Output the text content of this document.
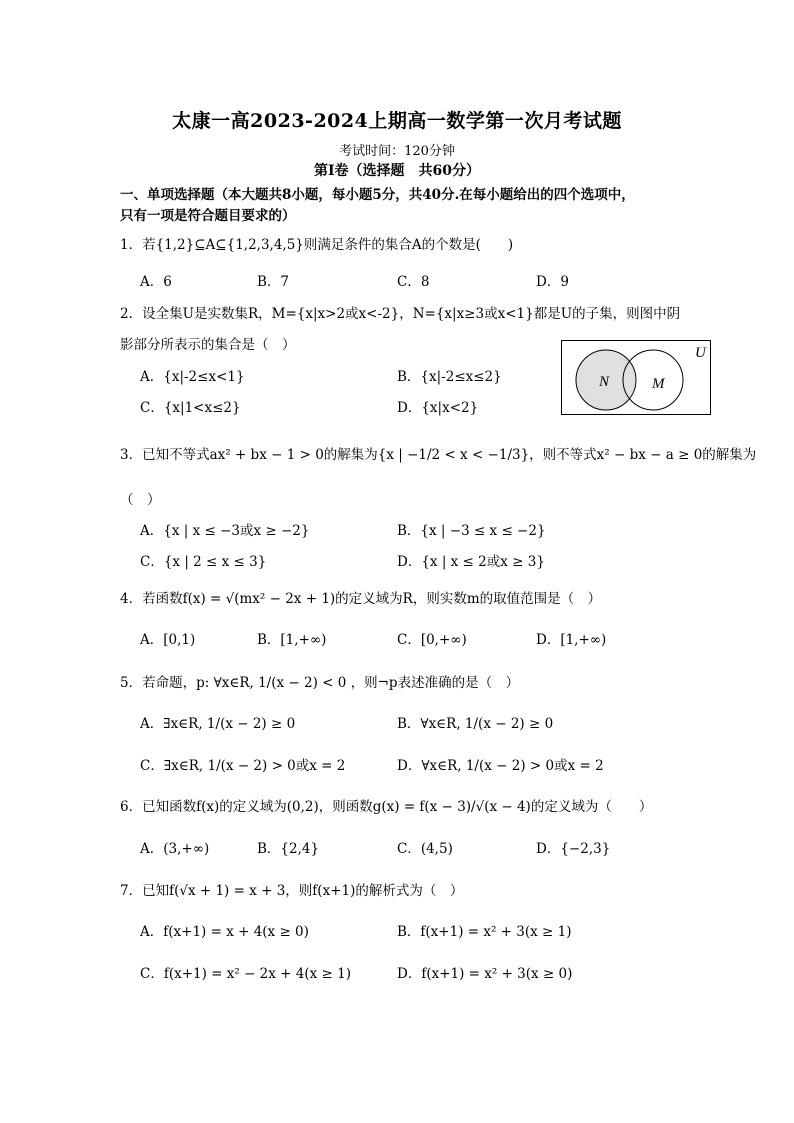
太康一高2023-2024上期高一数学第一次月考试题
考试时间：120分钟
第Ⅰ卷（选择题　共60分）
一、单项选择题（本大题共8小题，每小题5分，共40分.在每小题给出的四个选项中，
只有一项是符合题目要求的）
1．若{1,2}⊆A⊆{1,2,3,4,5}则满足条件的集合A的个数是(　　)
A．6	B．7	C．8	D．9
2．设全集U是实数集R，M={x|x>2或x<-2}，N={x|x≥3或x<1}都是U的子集，则图中阴
影部分所表示的集合是（　）
A．{x|-2≤x<1}	B．{x|-2≤x≤2}
C．{x|1<x≤2}	D．{x|x<2}
U
N	M
3．已知不等式ax² + bx − 1 > 0的解集为{x | −1/2 < x < −1/3}，则不等式x² − bx − a ≥ 0的解集为
（　）
A．{x | x ≤ −3或x ≥ −2}	B．{x | −3 ≤ x ≤ −2}
C．{x | 2 ≤ x ≤ 3}	D．{x | x ≤ 2或x ≥ 3}
4．若函数f(x) = √(mx² − 2x + 1)的定义域为R，则实数m的取值范围是（　）
A．[0,1)	B．[1,+∞)	C．[0,+∞)	D．[1,+∞)
5．若命题，p: ∀x∈R, 1/(x − 2) < 0 ，则¬p表述准确的是（　）
A．∃x∈R, 1/(x − 2) ≥ 0	B．∀x∈R, 1/(x − 2) ≥ 0
C．∃x∈R, 1/(x − 2) > 0或x = 2	D．∀x∈R, 1/(x − 2) > 0或x = 2
6．已知函数f(x)的定义域为(0,2)，则函数g(x) = f(x − 3)/√(x − 4)的定义域为（　　）
A．(3,+∞)	B．{2,4}	C．(4,5)	D．{−2,3}
7．已知f(√x + 1) = x + 3，则f(x+1)的解析式为（　）
A．f(x+1) = x + 4(x ≥ 0)	B．f(x+1) = x² + 3(x ≥ 1)
C．f(x+1) = x² − 2x + 4(x ≥ 1)	D．f(x+1) = x² + 3(x ≥ 0)
